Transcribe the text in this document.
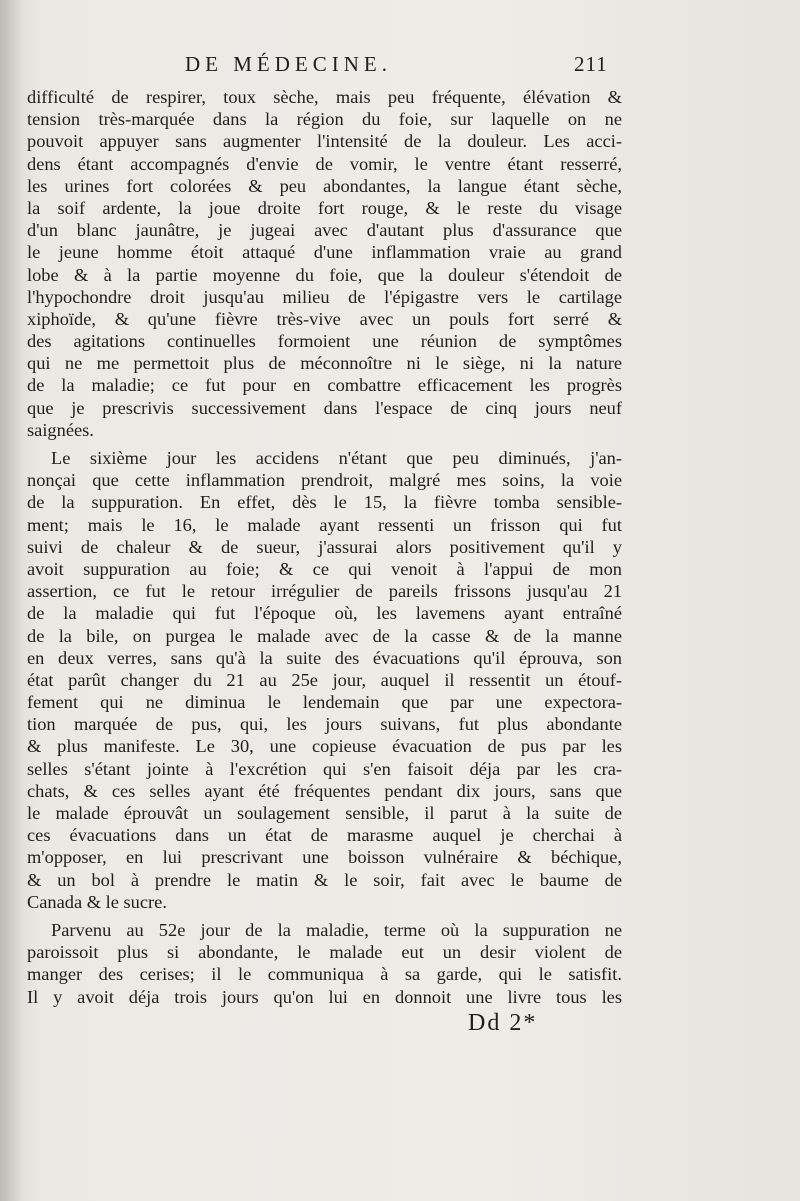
DE MÉDECINE.	211
difficulté de respirer, toux sèche, mais peu fréquente, élévation &
tension très-marquée dans la région du foie, sur laquelle on ne
pouvoit appuyer sans augmenter l'intensité de la douleur. Les acci-
dens étant accompagnés d'envie de vomir, le ventre étant resserré,
les urines fort colorées & peu abondantes, la langue étant sèche,
la soif ardente, la joue droite fort rouge, & le reste du visage
d'un blanc jaunâtre, je jugeai avec d'autant plus d'assurance que
le jeune homme étoit attaqué d'une inflammation vraie au grand
lobe & à la partie moyenne du foie, que la douleur s'étendoit de
l'hypochondre droit jusqu'au milieu de l'épigastre vers le cartilage
xiphoïde, & qu'une fièvre très-vive avec un pouls fort serré &
des agitations continuelles formoient une réunion de symptômes
qui ne me permettoit plus de méconnoître ni le siège, ni la nature
de la maladie; ce fut pour en combattre efficacement les progrès
que je prescrivis successivement dans l'espace de cinq jours neuf
saignées.
Le sixième jour les accidens n'étant que peu diminués, j'an-
nonçai que cette inflammation prendroit, malgré mes soins, la voie
de la suppuration. En effet, dès le 15, la fièvre tomba sensible-
ment; mais le 16, le malade ayant ressenti un frisson qui fut
suivi de chaleur & de sueur, j'assurai alors positivement qu'il y
avoit suppuration au foie; & ce qui venoit à l'appui de mon
assertion, ce fut le retour irrégulier de pareils frissons jusqu'au 21
de la maladie qui fut l'époque où, les lavemens ayant entraîné
de la bile, on purgea le malade avec de la casse & de la manne
en deux verres, sans qu'à la suite des évacuations qu'il éprouva, son
état parût changer du 21 au 25e jour, auquel il ressentit un étouf-
fement qui ne diminua le lendemain que par une expectora-
tion marquée de pus, qui, les jours suivans, fut plus abondante
& plus manifeste. Le 30, une copieuse évacuation de pus par les
selles s'étant jointe à l'excrétion qui s'en faisoit déja par les cra-
chats, & ces selles ayant été fréquentes pendant dix jours, sans que
le malade éprouvât un soulagement sensible, il parut à la suite de
ces évacuations dans un état de marasme auquel je cherchai à
m'opposer, en lui prescrivant une boisson vulnéraire & béchique,
& un bol à prendre le matin & le soir, fait avec le baume de
Canada & le sucre.
Parvenu au 52e jour de la maladie, terme où la suppuration ne
paroissoit plus si abondante, le malade eut un desir violent de
manger des cerises; il le communiqua à sa garde, qui le satisfit.
Il y avoit déja trois jours qu'on lui en donnoit une livre tous les
Dd 2*
